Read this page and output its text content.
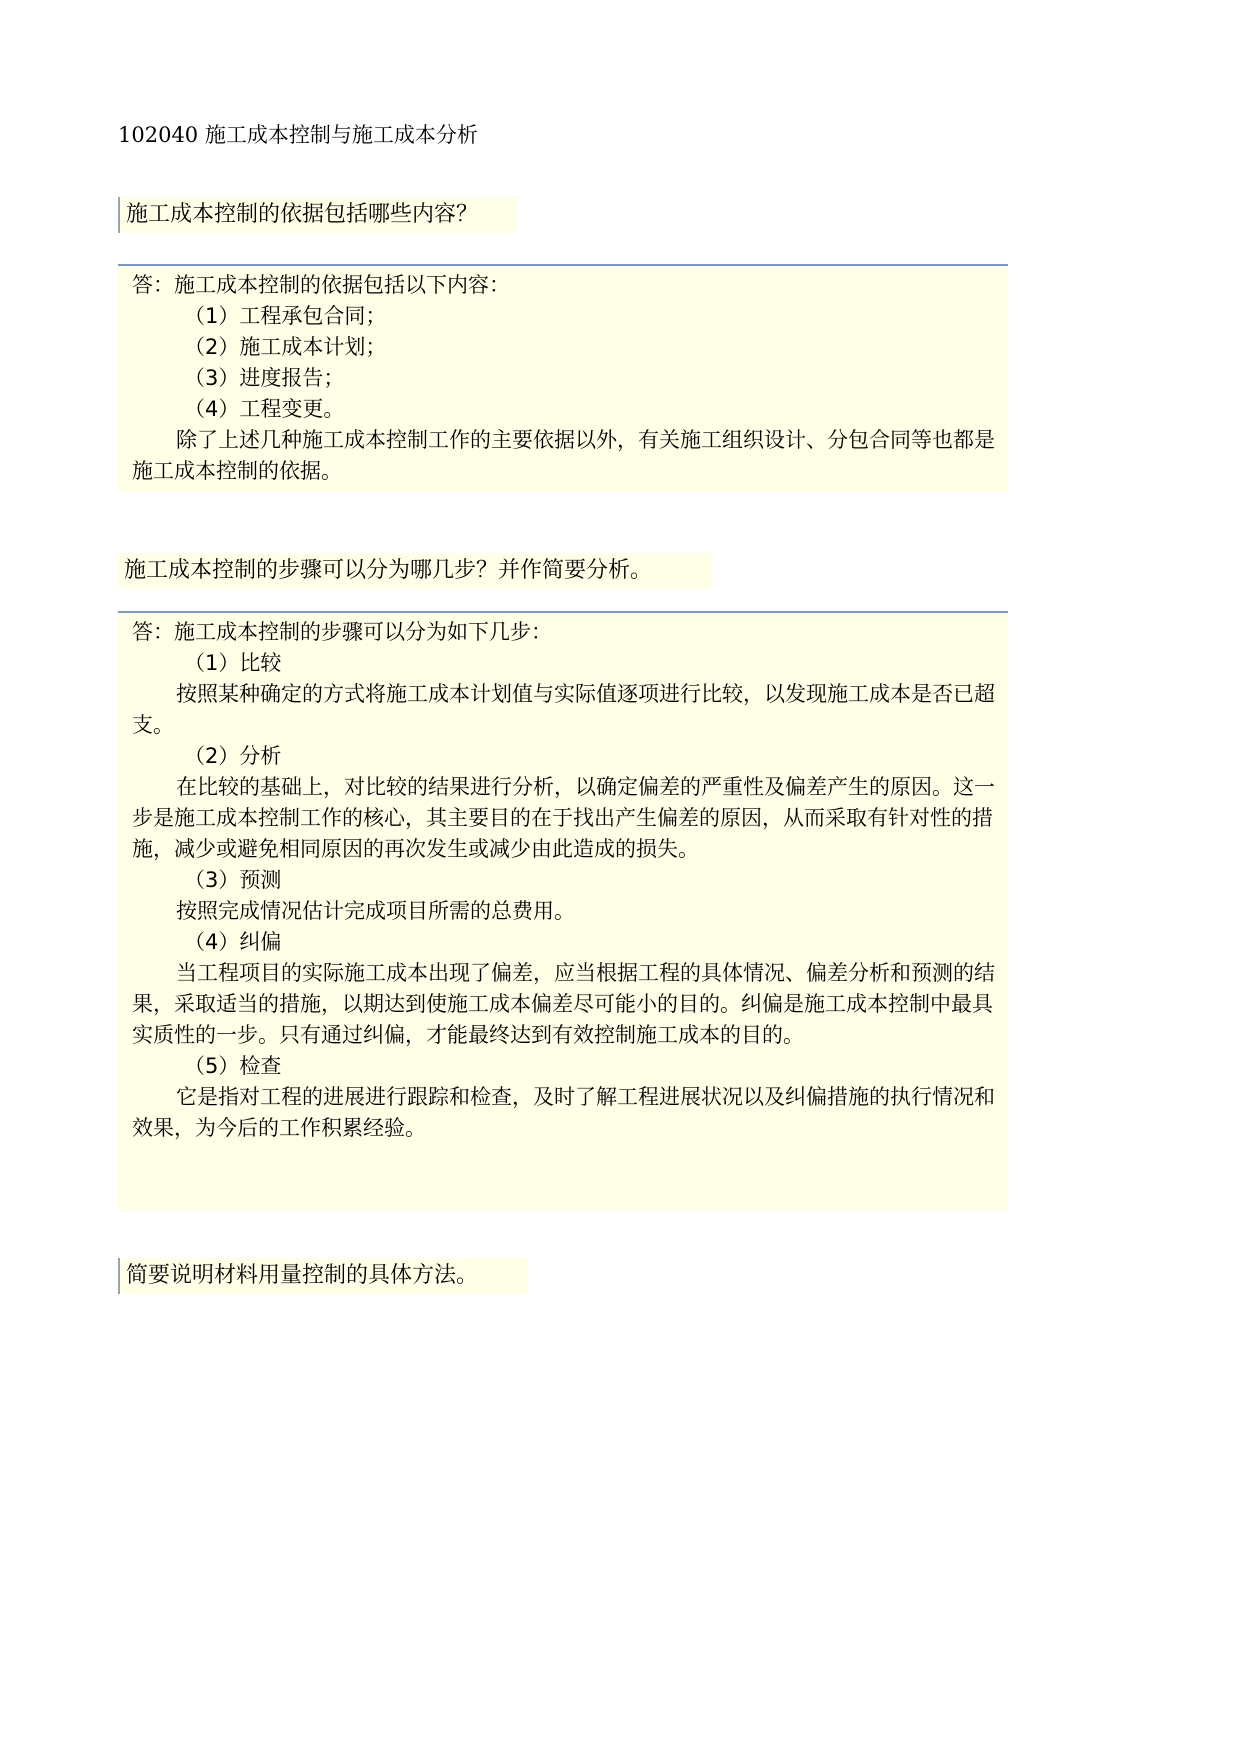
102040 施工成本控制与施工成本分析
施工成本控制的依据包括哪些内容？

答：施工成本控制的依据包括以下内容：

（1）工程承包合同；

（2）施工成本计划；

（3）进度报告；

（4）工程变更。

除了上述几种施工成本控制工作的主要依据以外，有关施工组织设计、分包合同等也都是施工成本控制的依据。

施工成本控制的步骤可以分为哪几步？并作简要分析。

答：施工成本控制的步骤可以分为如下几步：

（1）比较

按照某种确定的方式将施工成本计划值与实际值逐项进行比较，以发现施工成本是否已超支。

（2）分析

在比较的基础上，对比较的结果进行分析，以确定偏差的严重性及偏差产生的原因。这一步是施工成本控制工作的核心，其主要目的在于找出产生偏差的原因，从而采取有针对性的措施，减少或避免相同原因的再次发生或减少由此造成的损失。

（3）预测

按照完成情况估计完成项目所需的总费用。

（4）纠偏

当工程项目的实际施工成本出现了偏差，应当根据工程的具体情况、偏差分析和预测的结果，采取适当的措施，以期达到使施工成本偏差尽可能小的目的。纠偏是施工成本控制中最具实质性的一步。只有通过纠偏，才能最终达到有效控制施工成本的目的。

（5）检查

它是指对工程的进展进行跟踪和检查，及时了解工程进展状况以及纠偏措施的执行情况和效果，为今后的工作积累经验。

简要说明材料用量控制的具体方法。
